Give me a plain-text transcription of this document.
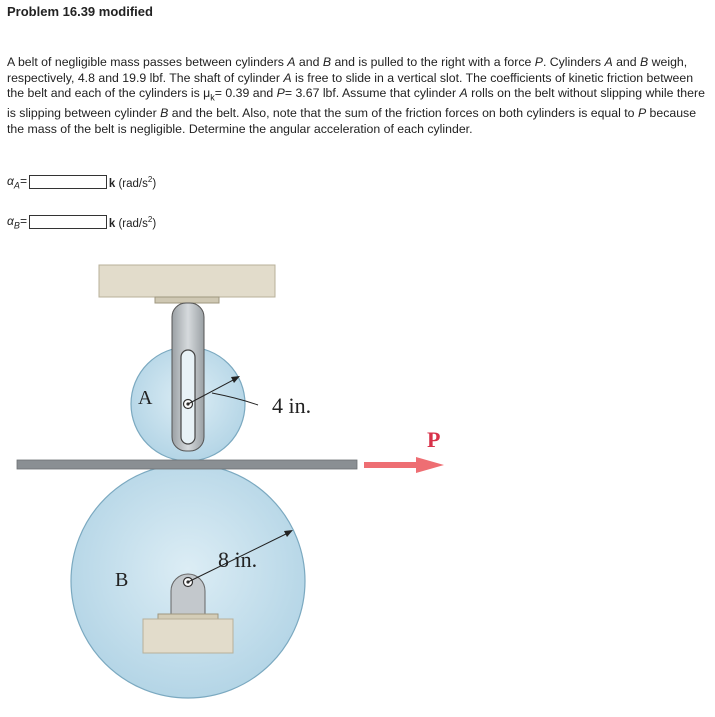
Problem 16.39 modified

A belt of negligible mass passes between cylinders A and B and is pulled to the right with a force P. Cylinders A and B weigh, respectively, 4.8 and 19.9 lbf. The shaft of cylinder A is free to slide in a vertical slot. The coefficients of kinetic friction between the belt and each of the cylinders is $\mu_k= 0.39$ and P= 3.67 lbf. Assume that cylinder A rolls on the belt without slipping while there is slipping between cylinder B and the belt. Also, note that the sum of the friction forces on both cylinders is equal to P because the mass of the belt is negligible. Determine the angular acceleration of each cylinder.

$\alpha_A=$	k $(rad/s^2)$
$\alpha_B=$	k $(rad/s^2)$
A
B
4 in.
8 in.
P
